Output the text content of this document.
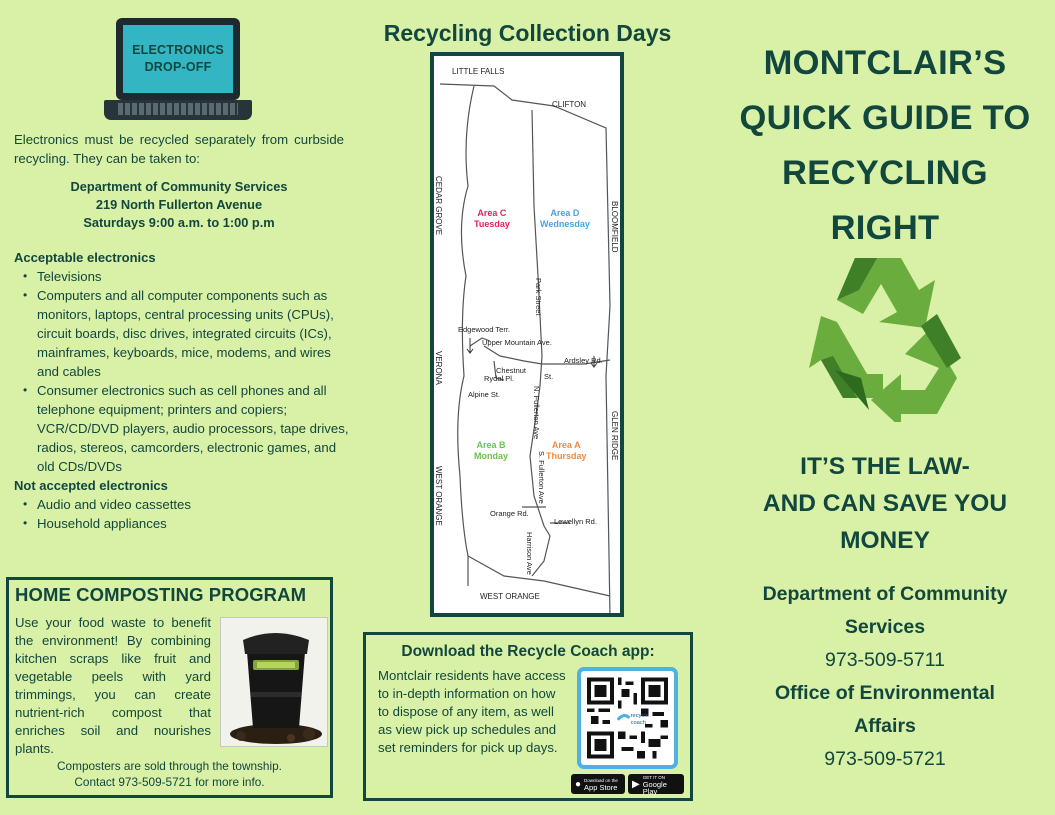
ELECTRONICS
DROP-OFF

Electronics must be recycled separately from curbside recycling. They can be taken to:

Department of Community Services
219 North Fullerton Avenue
Saturdays 9:00 a.m. to 1:00 p.m
Acceptable electronics
• Televisions
• Computers and all computer components such as monitors, laptops, central processing units (CPUs), circuit boards, disc drives, integrated circuits (ICs), mainframes, keyboards, mice, modems, and wires and cables
• Consumer electronics such as cell phones and all telephone equipment; printers and copiers; VCR/CD/DVD players, audio processors, tape drives, radios, stereos, camcorders, electronic games, and old CDs/DVDs
Not accepted electronics
• Audio and video cassettes
• Household appliances
HOME COMPOSTING PROGRAM

Use your food waste to benefit the environment! By combining kitchen scraps like fruit and vegetable peels with yard trimmings, you can create nutrient-rich compost that enriches soil and nourishes plants.

Composters are sold through the township.
Contact 973-509-5721 for more info.
Recycling Collection Days
LITTLE FALLS
CLIFTON
CEDAR GROVE	BLOOMFIELD
VERONA
GLEN RIDGE
WEST ORANGE
WEST ORANGE
Park Street
Edgewood Terr.
Upper Mountain Ave.
Chestnut
St.
Ardsley Rd.
Rydal Pl.
Alpine St.	N. Fullerton Ave
S. Fullerton Ave
Orange Rd.
Lewellyn Rd.
Harrison Ave
Area C
Tuesday
Area D
Wednesday
Area B
Monday
Area A
Thursday
Download the Recycle Coach app:

Montclair residents have access to in-depth information on how to dispose of any item, as well as view pick up schedules and set reminders for pick up days.

recycle
coach
● Download on the
App Store ▶
GET IT ON
Google Play
MONTCLAIR’S
QUICK GUIDE TO
RECYCLING
RIGHT
IT’S THE LAW-
AND CAN SAVE YOU
MONEY
Department of Community
Services
973-509-5711
Office of Environmental
Affairs
973-509-5721
